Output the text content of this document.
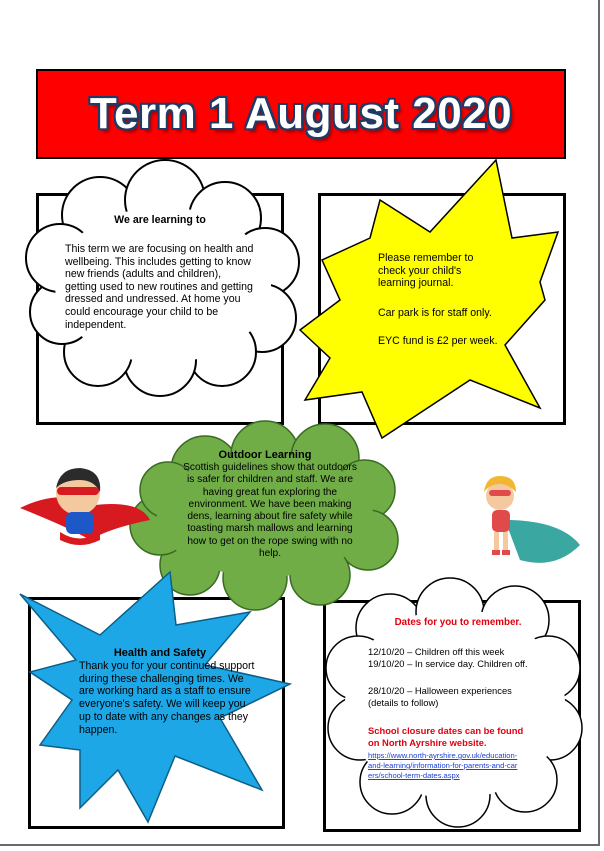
Term 1 August 2020
We are learning to
This term we are focusing on health and wellbeing. This includes getting to know new friends (adults and children), getting used to new routines and getting dressed and undressed. At home you could encourage your child to be independent.
Please remember to check your child's learning journal.
Car park is for staff only.
EYC fund is £2 per week.
Outdoor Learning
Scottish guidelines show that outdoors is safer for children and staff. We are having great fun exploring the environment. We have been making dens, learning about fire safety while toasting marsh mallows and learning how to get on the rope swing with no help.
Health and Safety
Thank you for your continued support during these challenging times. We are working hard as a staff to ensure everyone's safety. We will keep you up to date with any changes as they happen.
Dates for you to remember.
12/10/20 – Children off this week
19/10/20 – In service day. Children off.
28/10/20 – Halloween experiences (details to follow)
School closure dates can be found on North Ayrshire website.
https://www.north-ayrshire.gov.uk/education-and-learning/information-for-parents-and-carers/school-term-dates.aspx
